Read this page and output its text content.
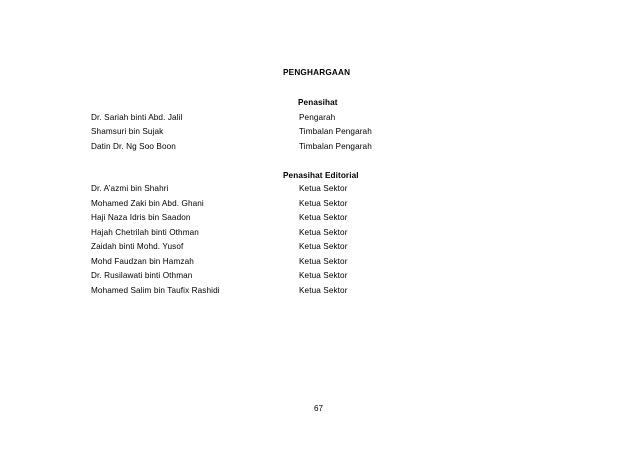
PENGHARGAAN
Penasihat
Dr. Sariah binti Abd. Jalil	Pengarah
Shamsuri bin Sujak	Timbalan Pengarah
Datin Dr. Ng Soo Boon	Timbalan Pengarah
Penasihat Editorial
Dr. A’azmi bin Shahri	Ketua Sektor
Mohamed Zaki bin Abd. Ghani	Ketua Sektor
Haji Naza Idris bin Saadon	Ketua Sektor
Hajah Chetrilah binti Othman	Ketua Sektor
Zaidah binti Mohd. Yusof	Ketua Sektor
Mohd Faudzan bin Hamzah	Ketua Sektor
Dr. Rusilawati binti Othman	Ketua Sektor
Mohamed Salim bin Taufix Rashidi	Ketua Sektor
67
